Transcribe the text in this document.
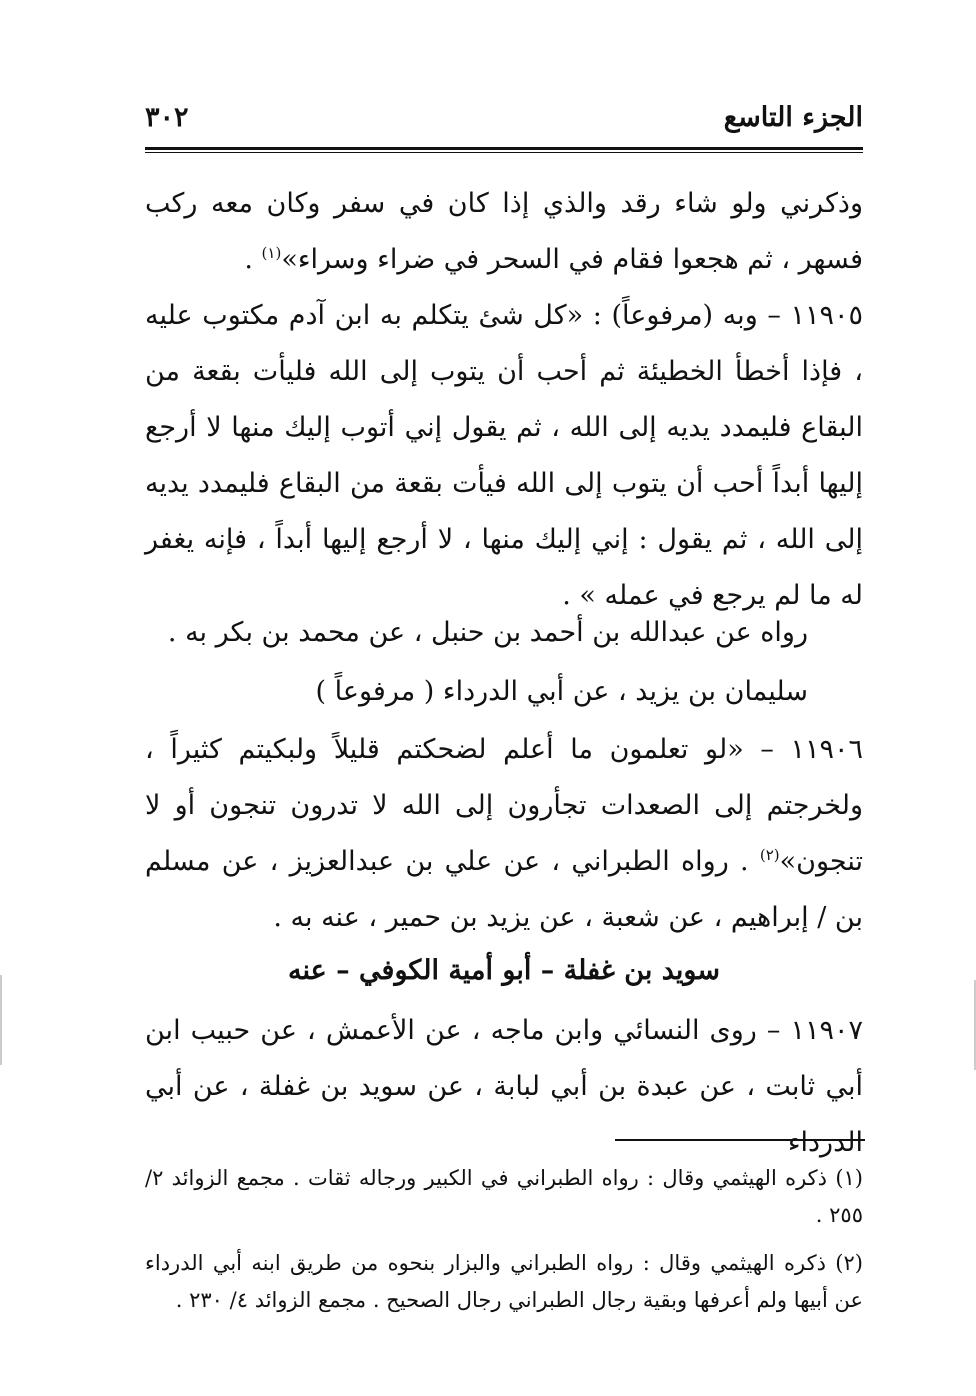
الجزء التاسع
٣٠٢
وذكرني ولو شاء رقد والذي إذا كان في سفر وكان معه ركب فسهر ، ثم هجعوا فقام في السحر في ضراء وسراء»$^{(١)}$ .
١١٩٠٥ – وبه (مرفوعاً) : «كل شئ يتكلم به ابن آدم مكتوب عليه ، فإذا أخطأ الخطيئة ثم أحب أن يتوب إلى الله فليأت بقعة من البقاع فليمدد يديه إلى الله ، ثم يقول إني أتوب إليك منها لا أرجع إليها أبداً أحب أن يتوب إلى الله فيأت بقعة من البقاع فليمدد يديه إلى الله ، ثم يقول : إني إليك منها ، لا أرجع إليها أبداً ، فإنه يغفر له ما لم يرجع في عمله » .
رواه عن عبدالله بن أحمد بن حنبل ، عن محمد بن بكر به .
سليمان بن يزيد ، عن أبي الدرداء ( مرفوعاً )
١١٩٠٦ – «لو تعلمون ما أعلم لضحكتم قليلاً ولبكيتم كثيراً ، ولخرجتم إلى الصعدات تجأرون إلى الله لا تدرون تنجون أو لا تنجون»$^{(٢)}$ . رواه الطبراني ، عن علي بن عبدالعزيز ، عن مسلم بن / إبراهيم ، عن شعبة ، عن يزيد بن حمير ، عنه به .
سويد بن غفلة – أبو أمية الكوفي – عنه
١١٩٠٧ – روى النسائي وابن ماجه ، عن الأعمش ، عن حبيب ابن أبي ثابت ، عن عبدة بن أبي لبابة ، عن سويد بن غفلة ، عن أبي الدرداء
(١) ذكره الهيثمي وقال : رواه الطبراني في الكبير ورجاله ثقات . مجمع الزوائد ٢/ ٢٥٥ .
(٢) ذكره الهيثمي وقال : رواه الطبراني والبزار بنحوه من طريق ابنه أبي الدرداء عن أبيها ولم أعرفها وبقية رجال الطبراني رجال الصحيح . مجمع الزوائد ٤/ ٢٣٠ .
